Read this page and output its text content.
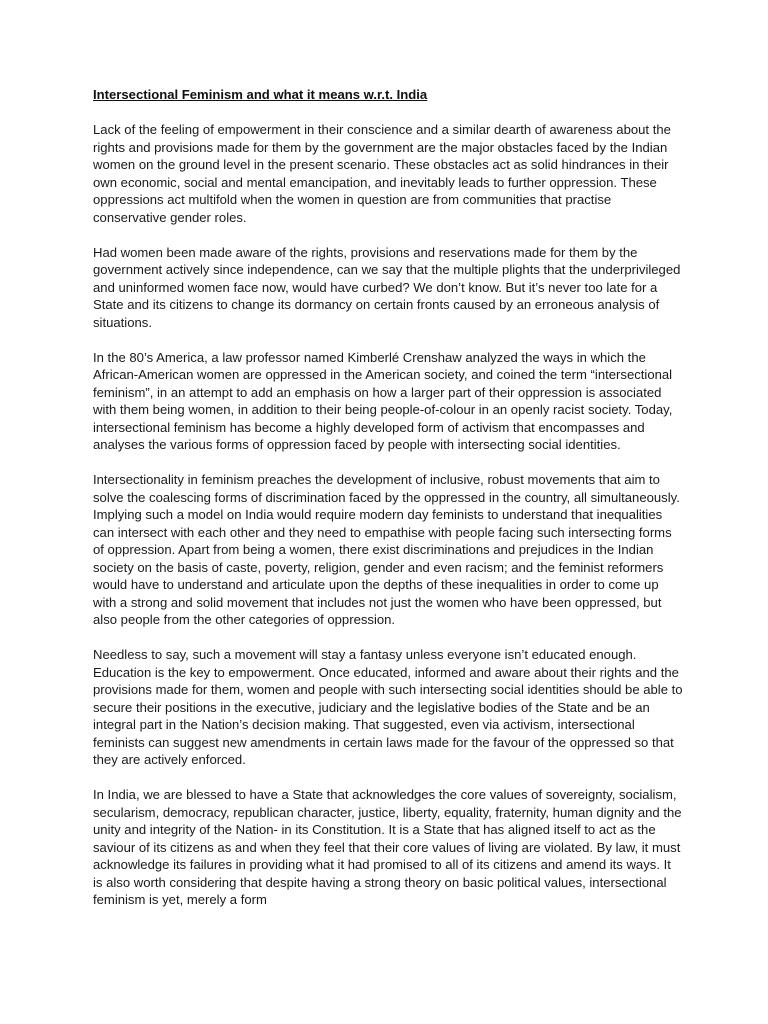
Intersectional Feminism and what it means w.r.t. India

Lack of the feeling of empowerment in their conscience and a similar dearth of awareness about the rights and provisions made for them by the government are the major obstacles faced by the Indian women on the ground level in the present scenario. These obstacles act as solid hindrances in their own economic, social and mental emancipation, and inevitably leads to further oppression. These oppressions act multifold when the women in question are from communities that practise conservative gender roles.

Had women been made aware of the rights, provisions and reservations made for them by the government actively since independence, can we say that the multiple plights that the underprivileged and uninformed women face now, would have curbed? We don’t know. But it’s never too late for a State and its citizens to change its dormancy on certain fronts caused by an erroneous analysis of situations.

In the 80’s America, a law professor named Kimberlé Crenshaw analyzed the ways in which the African-American women are oppressed in the American society, and coined the term “intersectional feminism”, in an attempt to add an emphasis on how a larger part of their oppression is associated with them being women, in addition to their being people-of-colour in an openly racist society. Today, intersectional feminism has become a highly developed form of activism that encompasses and analyses the various forms of oppression faced by people with intersecting social identities.

Intersectionality in feminism preaches the development of inclusive, robust movements that aim to solve the coalescing forms of discrimination faced by the oppressed in the country, all simultaneously. Implying such a model on India would require modern day feminists to understand that inequalities can intersect with each other and they need to empathise with people facing such intersecting forms of oppression. Apart from being a women, there exist discriminations and prejudices in the Indian society on the basis of caste, poverty, religion, gender and even racism; and the feminist reformers would have to understand and articulate upon the depths of these inequalities in order to come up with a strong and solid movement that includes not just the women who have been oppressed, but also people from the other categories of oppression.

Needless to say, such a movement will stay a fantasy unless everyone isn’t educated enough. Education is the key to empowerment. Once educated, informed and aware about their rights and the provisions made for them, women and people with such intersecting social identities should be able to secure their positions in the executive, judiciary and the legislative bodies of the State and be an integral part in the Nation’s decision making. That suggested, even via activism, intersectional feminists can suggest new amendments in certain laws made for the favour of the oppressed so that they are actively enforced.

In India, we are blessed to have a State that acknowledges the core values of sovereignty, socialism, secularism, democracy, republican character, justice, liberty, equality, fraternity, human dignity and the unity and integrity of the Nation- in its Constitution. It is a State that has aligned itself to act as the saviour of its citizens as and when they feel that their core values of living are violated. By law, it must acknowledge its failures in providing what it had promised to all of its citizens and amend its ways. It is also worth considering that despite having a strong theory on basic political values, intersectional feminism is yet, merely a form
